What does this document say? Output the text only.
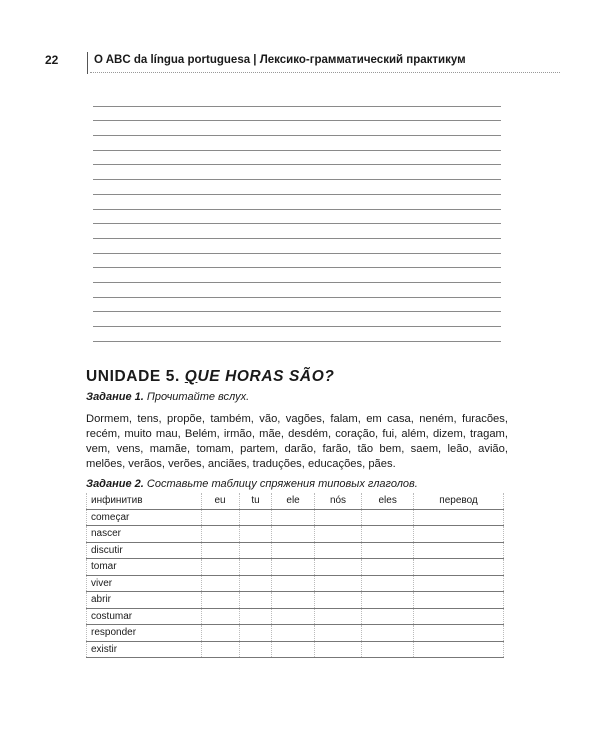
22	O ABC da língua portuguesa | Лексико-грамматический практикум
UNIDADE 5. QUE HORAS SÃO?
Задание 1. Прочитайте вслух.
Dormem, tens, propõe, também, vão, vagões, falam, em casa, neném, furacões, recém, muito mau, Belém, irmão, mãe, desdém, coração, fui, além, dizem, tragam, vem, vens, mamãe, tomam, partem, darão, farão, tão bem, saem, leão, avião, melões, verãos, verões, anciães, traduções, educações, pães.
Задание 2. Составьте таблицу спряжения типовых глаголов.
инфинитив	eu	tu	ele	nós	eles	перевод
começar						
nascer						
discutir						
tomar						
viver						
abrir						
costumar						
responder						
existir						
